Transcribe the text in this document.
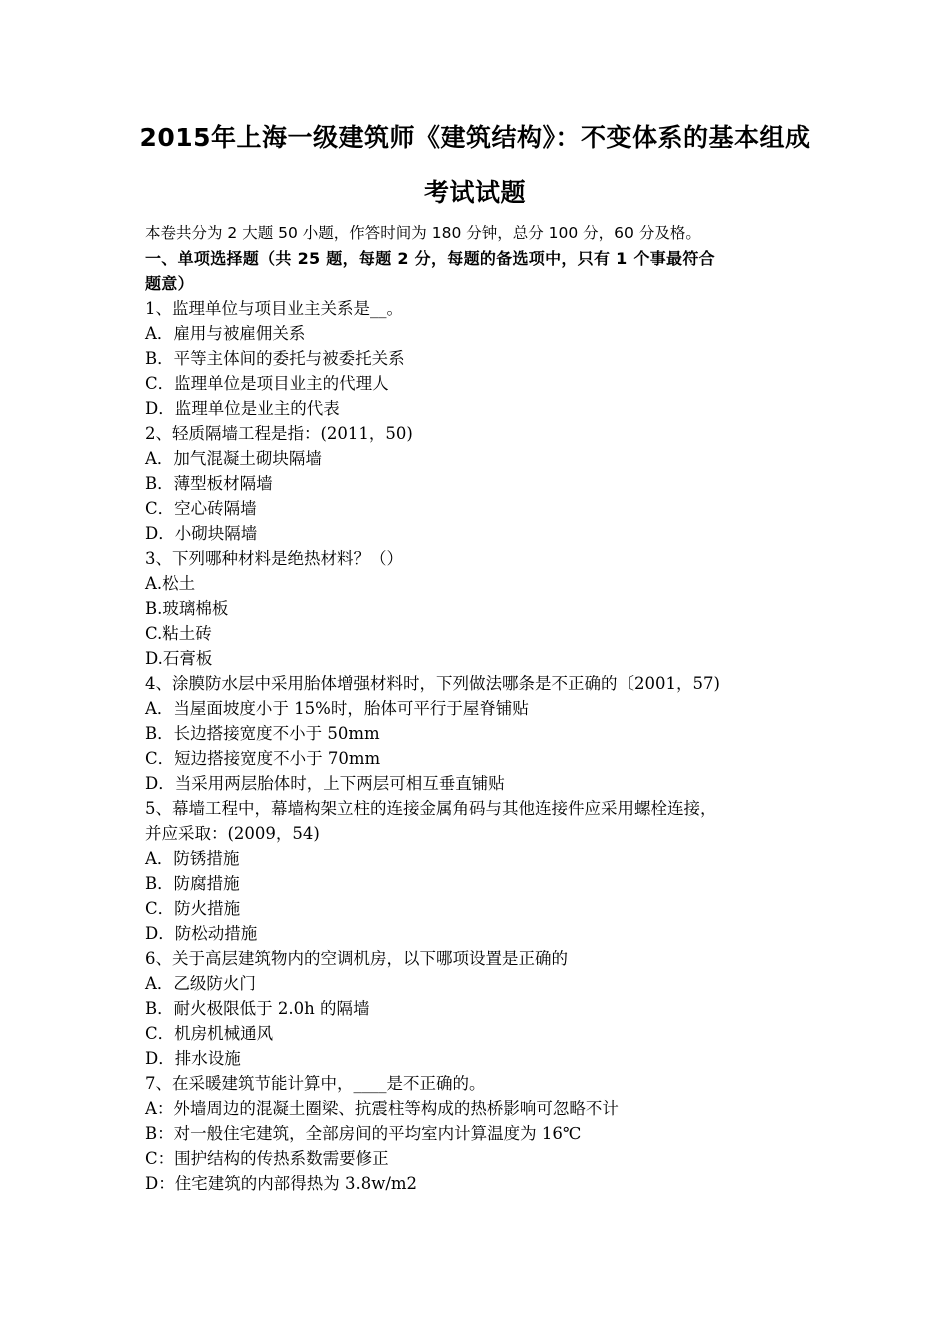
2015年上海一级建筑师《建筑结构》：不变体系的基本组成
考试试题
本卷共分为 2 大题 50 小题，作答时间为 180 分钟，总分 100 分，60 分及格。
一、单项选择题（共 25 题，每题 2 分，每题的备选项中，只有 1 个事最符合
题意）
1、监理单位与项目业主关系是__。
A．雇用与被雇佣关系
B．平等主体间的委托与被委托关系
C．监理单位是项目业主的代理人
D．监理单位是业主的代表
2、轻质隔墙工程是指：(2011，50)
A．加气混凝土砌块隔墙
B．薄型板材隔墙
C．空心砖隔墙
D．小砌块隔墙
3、下列哪种材料是绝热材料？（）
A.松土
B.玻璃棉板
C.粘土砖
D.石膏板
4、涂膜防水层中采用胎体增强材料时，下列做法哪条是不正确的〔2001，57)
A．当屋面坡度小于 15%时，胎体可平行于屋脊铺贴
B．长边搭接宽度不小于 50mm
C．短边搭接宽度不小于 70mm
D．当采用两层胎体时，上下两层可相互垂直铺贴
5、幕墙工程中，幕墙构架立柱的连接金属角码与其他连接件应采用螺栓连接，
并应采取：(2009，54)
A．防锈措施
B．防腐措施
C．防火措施
D．防松动措施
6、关于高层建筑物内的空调机房，以下哪项设置是正确的
A．乙级防火门
B．耐火极限低于 2.0h 的隔墙
C．机房机械通风
D．排水设施
7、在采暖建筑节能计算中，____是不正确的。
A：外墙周边的混凝土圈梁、抗震柱等构成的热桥影响可忽略不计
B：对一般住宅建筑，全部房间的平均室内计算温度为 16℃
C：围护结构的传热系数需要修正
D：住宅建筑的内部得热为 3.8w/m2
